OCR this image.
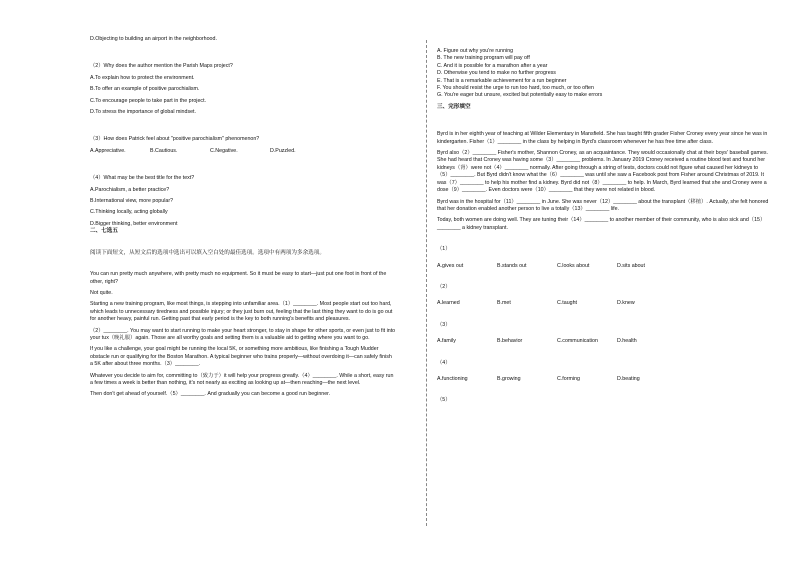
D.Objecting to building an airport in the neighborhood.

（2）Why does the author mention the Parish Maps project?

A.To explain how to protect the environment.

B.To offer an example of positive parochialism.

C.To encourage people to take part in the project.

D.To stress the importance of global mindset.

（3）How does Patrick feel about "positive parochialism" phenomenon?

A.Appreciative.	B.Cautious.	C.Negative.	D.Puzzled.

（4）What may be the best title for the text?

A.Parochialism, a better practice?

B.International view, more popular?

C.Thinking locally, acting globally

D.Bigger thinking, better environment

二、七选五

阅读下面短文，从短文后的选项中选出可以填入空白处的最佳选项。选项中有两项为多余选项。

You can run pretty much anywhere, with pretty much no equipment. So it must be easy to start—just put one foot in front of the other, right?

Not quite.

Starting a new training program, like most things, is stepping into unfamiliar area.（1）________. Most people start out too hard, which leads to unnecessary tiredness and possible injury; or they just burn out, feeling that the last thing they want to do is go out for another heavy, painful run. Getting past that early period is the key to both running's benefits and pleasures.

（2）________. You may want to start running to make your heart stronger, to stay in shape for other sports, or even just to fit into your tux（晚礼服）again. Those are all worthy goals and setting them is a valuable aid to getting where you want to go.

If you like a challenge, your goal might be running the local 5K, or something more ambitious, like finishing a Tough Mudder obstacle run or qualifying for the Boston Marathon. A typical beginner who trains properly—without overdoing it—can safely finish a 5K after about three months.（3）________.

Whatever you decide to aim for, committing to（致力于）it will help your progress greatly.（4）________. While a short, easy run a few times a week is better than nothing, it's not nearly as exciting as looking up at—then reaching—the next level.

Then don't get ahead of yourself.（5）________. And gradually you can become a good run beginner.

A. Figure out why you're running

B. The new training program will pay off

C. And it is possible for a marathon after a year

D. Otherwise you tend to make no further progress

E. That is a remarkable achievement for a run beginner

F. You should resist the urge to run too hard, too much, or too often

G. You're eager but unsure, excited but potentially easy to make errors

三、完形填空

Byrd is in her eighth year of teaching at Wilder Elementary in Mansfield. She has taught fifth grader Fisher Croney every year since he was in kindergarten. Fisher（1）________ in the class by helping in Byrd's classroom whenever he has free time after class.

Byrd also（2）________ Fisher's mother, Shannon Croney, as an acquaintance. They would occasionally chat at their boys' baseball games. She had heard that Croney was having some（3）________ problems. In January 2019 Croney received a routine blood test and found her kidneys（肾）were not（4）________ normally. After going through a string of tests, doctors could not figure what caused her kidneys to（5）________. But Byrd didn't know what the（6）________ was until she saw a Facebook post from Fisher around Christmas of 2019. It was（7）________ to help his mother find a kidney. Byrd did not（8）________ to help. In March, Byrd learned that she and Croney were a dose（9）________. Even doctors were（10）________ that they were not related in blood.

Byrd was in the hospital for（11）________ in June. She was never（12）________ about the transplant（移植）. Actually, she felt honored that her donation enabled another person to live a totally（13）________ life.

Today, both women are doing well. They are tuning their（14）________ to another member of their community, who is also sick and（15）________ a kidney transplant.

（1）

A.gives out	B.stands out	C.looks about	D.sits about

（2）

A.learned	B.met	C.taught	D.knew

（3）

A.family	B.behavior	C.communication	D.health

（4）

A.functioning	B.growing	C.forming	D.beating

（5）
